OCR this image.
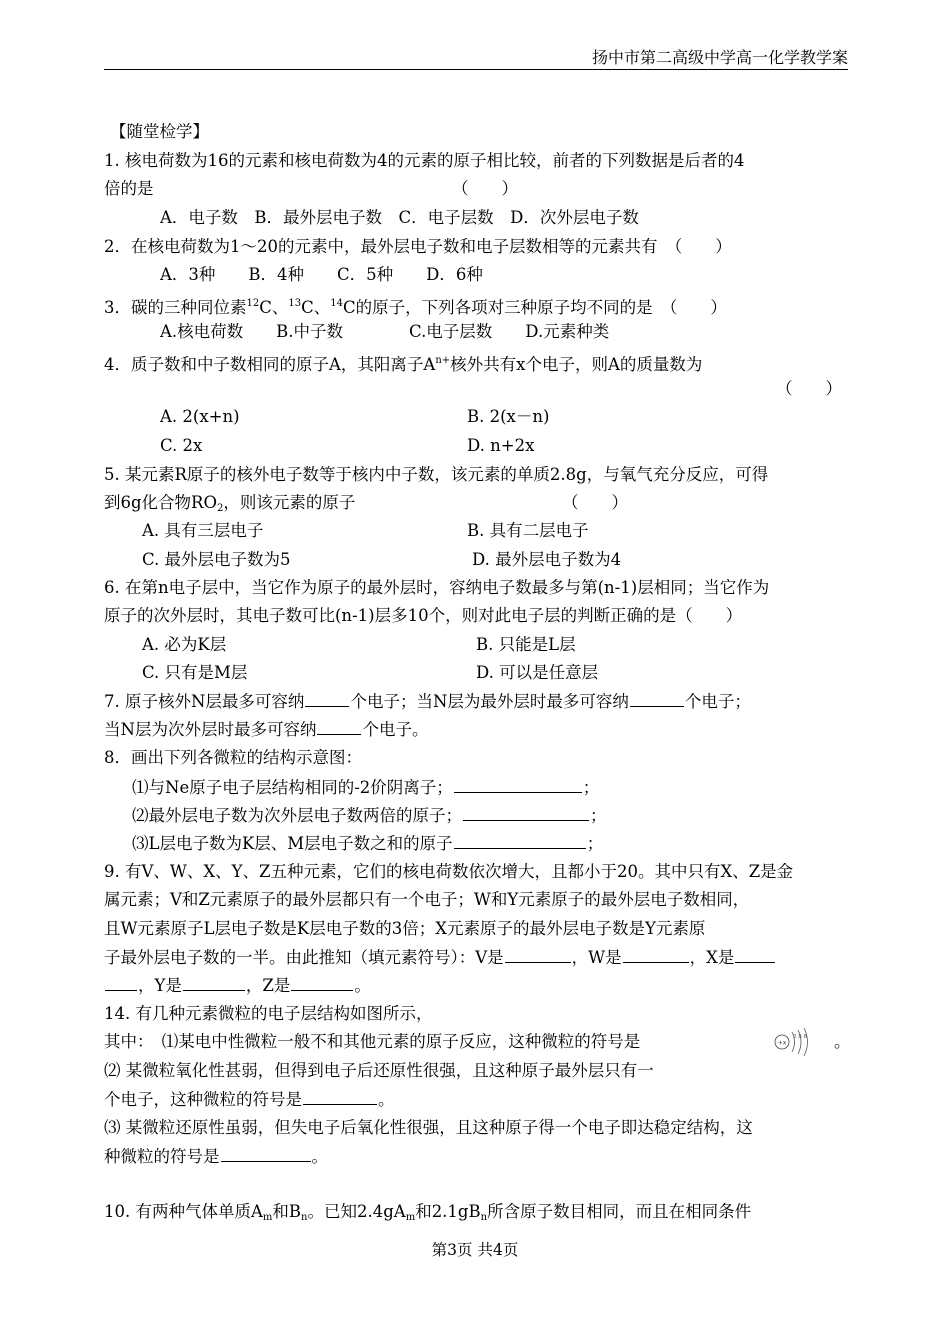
扬中市第二高级中学高一化学教学案
【随堂检学】
1. 核电荷数为16的元素和核电荷数为4的元素的原子相比较，前者的下列数据是后者的4
倍的是	（　　）
A．电子数　B．最外层电子数　C．电子层数　D．次外层电子数
2．在核电荷数为1～20的元素中，最外层电子数和电子层数相等的元素共有　（　　）
A．3种　　B．4种　　C．5种　　D．6种
3．碳的三种同位素$^{12}$C、$^{13}$C、$^{14}$C的原子，下列各项对三种原子均不同的是　（　　）
A.核电荷数　　B.中子数　　　　C.电子层数　　D.元素种类
4．质子数和中子数相同的原子A，其阳离子$A^{n+}$核外共有x个电子，则A的质量数为
（　　）
A. 2(x+n)	B. 2(x－n)
C. 2x	D. n+2x
5. 某元素R原子的核外电子数等于核内中子数，该元素的单质2.8g，与氧气充分反应，可得
到6g化合物$RO_2$，则该元素的原子	（　　）
A. 具有三层电子	B. 具有二层电子
C. 最外层电子数为5	D. 最外层电子数为4
6. 在第n电子层中，当它作为原子的最外层时，容纳电子数最多与第(n-1)层相同；当它作为
原子的次外层时，其电子数可比(n-1)层多10个，则对此电子层的判断正确的是（　　）
A. 必为K层	B. 只能是L层
C. 只有是M层	D. 可以是任意层
7. 原子核外N层最多可容纳	个电子；当N层为最外层时最多可容纳	个电子；
当N层为次外层时最多可容纳	个电子。
8．画出下列各微粒的结构示意图：
⑴与Ne原子电子层结构相同的-2价阴离子；	；
⑵最外层电子数为次外层电子数两倍的原子；	；
⑶L层电子数为K层、M层电子数之和的原子	；
9. 有V、W、X、Y、Z五种元素，它们的核电荷数依次增大，且都小于20。其中只有X、Z是金
属元素；V和Z元素原子的最外层都只有一个电子；W和Y元素原子的最外层电子数相同，
且W元素原子L层电子数是K层电子数的3倍；X元素原子的最外层电子数是Y元素原
子最外层电子数的一半。由此推知（填元素符号）：V是	，W是	，X是
，Y是	，Z是	。
14. 有几种元素微粒的电子层结构如图所示，
其中：　⑴某电中性微粒一般不和其他元素的原子反应，这种微粒的符号是	。
+x
2 8 8
⑵ 某微粒氧化性甚弱，但得到电子后还原性很强，且这种原子最外层只有一
个电子，这种微粒的符号是	。
⑶ 某微粒还原性虽弱，但失电子后氧化性很强，且这种原子得一个电子即达稳定结构，这
种微粒的符号是	。
10. 有两种气体单质$A_m$和$B_n$。已知$2.4gA_m$和$2.1gB_n$所含原子数目相同，而且在相同条件
第3页 共4页
